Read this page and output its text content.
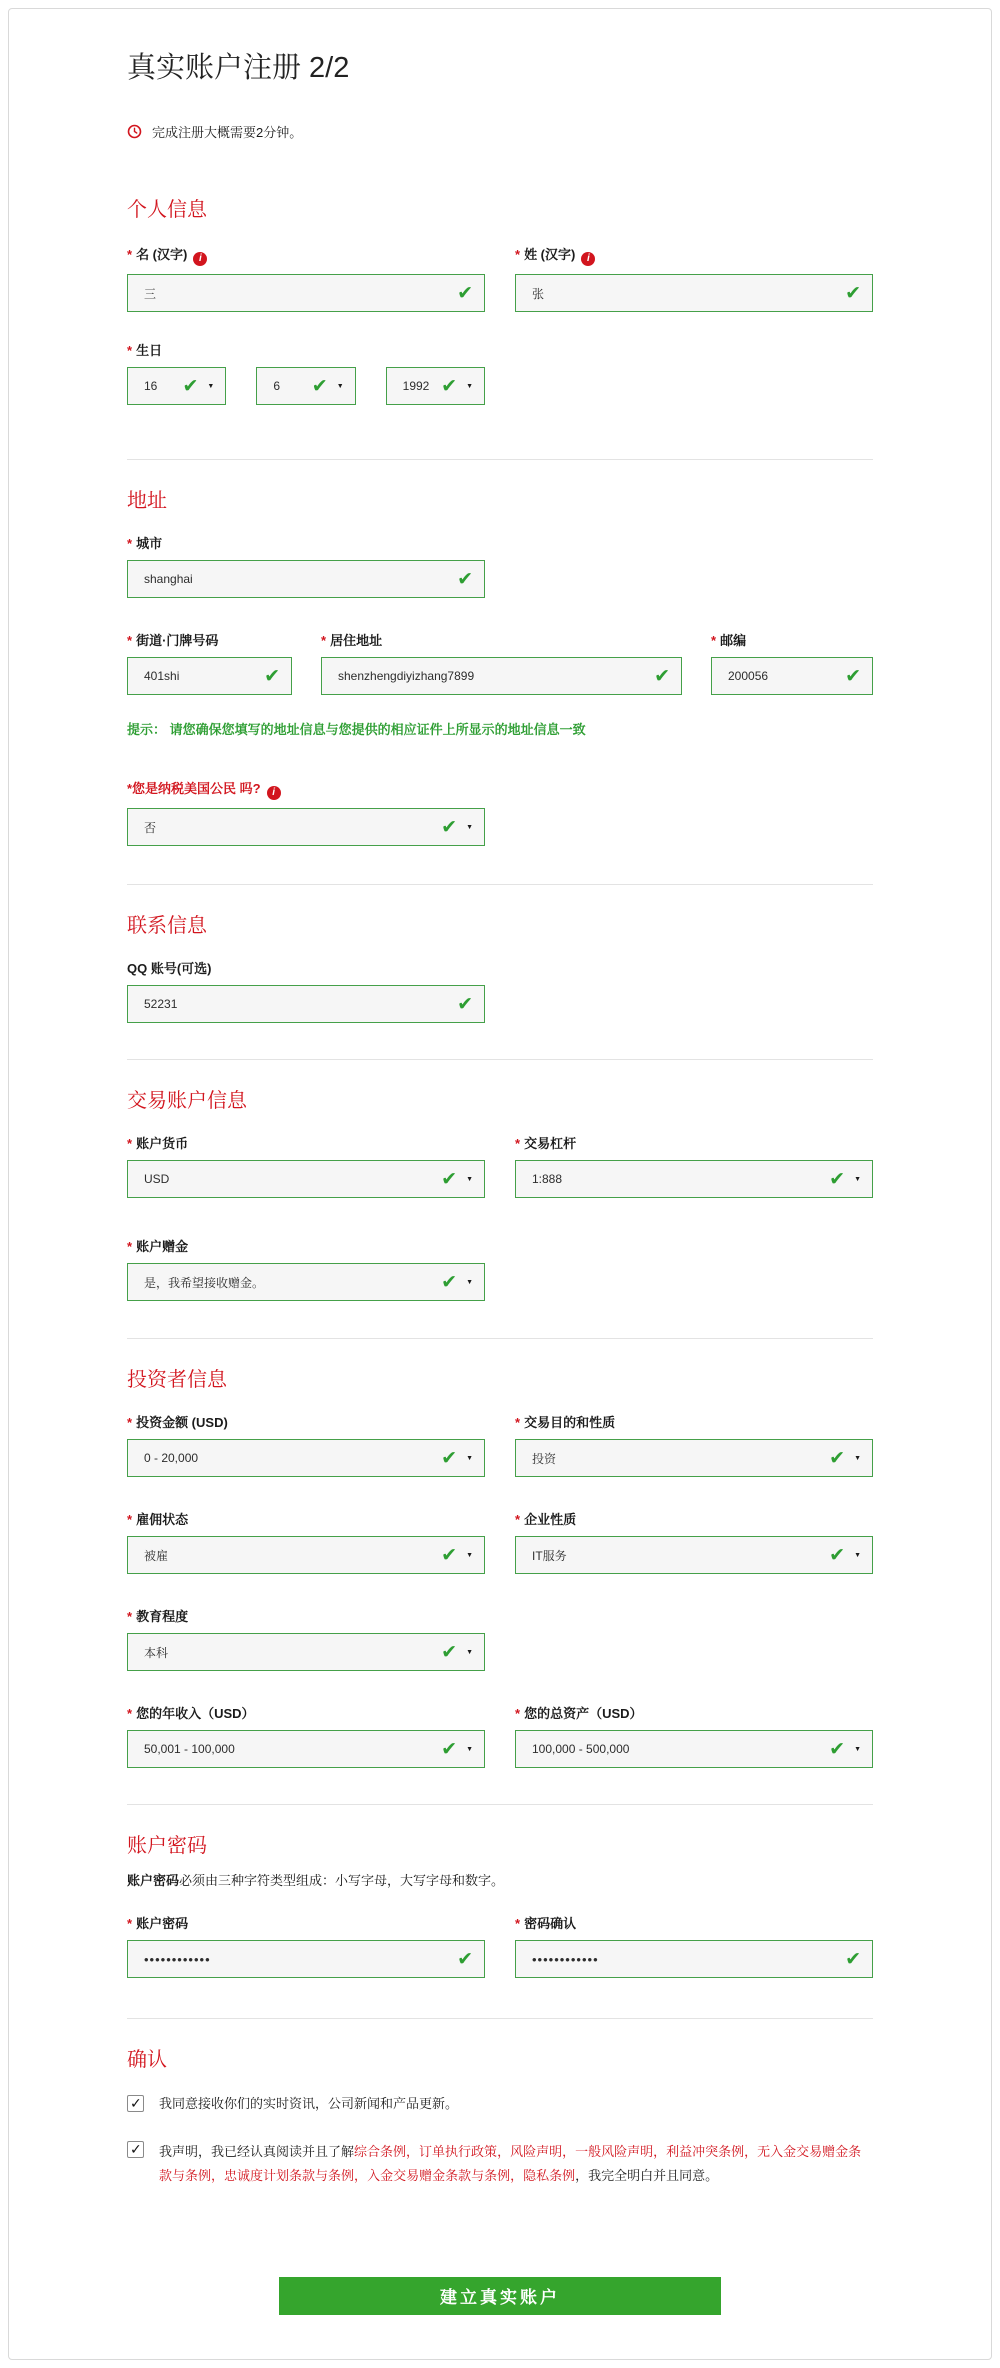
真实账户注册 2/2
完成注册大概需要2分钟。
个人信息
* 名 (汉字) i	* 姓 (汉字)i
三 ✔	张
✔
* 生日
16 ✔ ▼	6 ✔ ▼	1992
✔
▼
地址
* 城市
shanghai
✔
* 街道·门牌号码	* 居住地址	* 邮编
401shi ✔	shenzhengdiyizhang7899 ✔	200056
✔
提示： 请您确保您填写的地址信息与您提供的相应证件上所显示的地址信息一致
*您是纳税美国公民 吗?i
否
✔
▼
联系信息
QQ 账号(可选)
52231
✔
交易账户信息
* 账户货币	* 交易杠杆
USD ✔ ▼	1:888
✔
▼
* 账户赠金
是，我希望接收赠金。
✔
▼
投资者信息
* 投资金额 (USD)	* 交易目的和性质
0 - 20,000 ✔ ▼	投资
✔
▼
* 雇佣状态	* 企业性质
被雇 ✔ ▼	IT服务
✔
▼
* 教育程度
本科
✔
▼
* 您的年收入（USD）	* 您的总资产（USD）
50,001 - 100,000 ✔ ▼	100,000 - 500,000
✔
▼
账户密码
账户密码必须由三种字符类型组成：小写字母，大写字母和数字。
* 账户密码	* 密码确认
•••••••••••• ✔	••••••••••••
✔
确认
✓
我同意接收你们的实时资讯，公司新闻和产品更新。
✓
我声明，我已经认真阅读并且了解综合条例，订单执行政策，风险声明，一般风险声明，利益冲突条例，无入金交易赠金条款与条例，忠诚度计划条款与条例，入金交易赠金条款与条例，隐私条例，我完全明白并且同意。
建立真实账户
